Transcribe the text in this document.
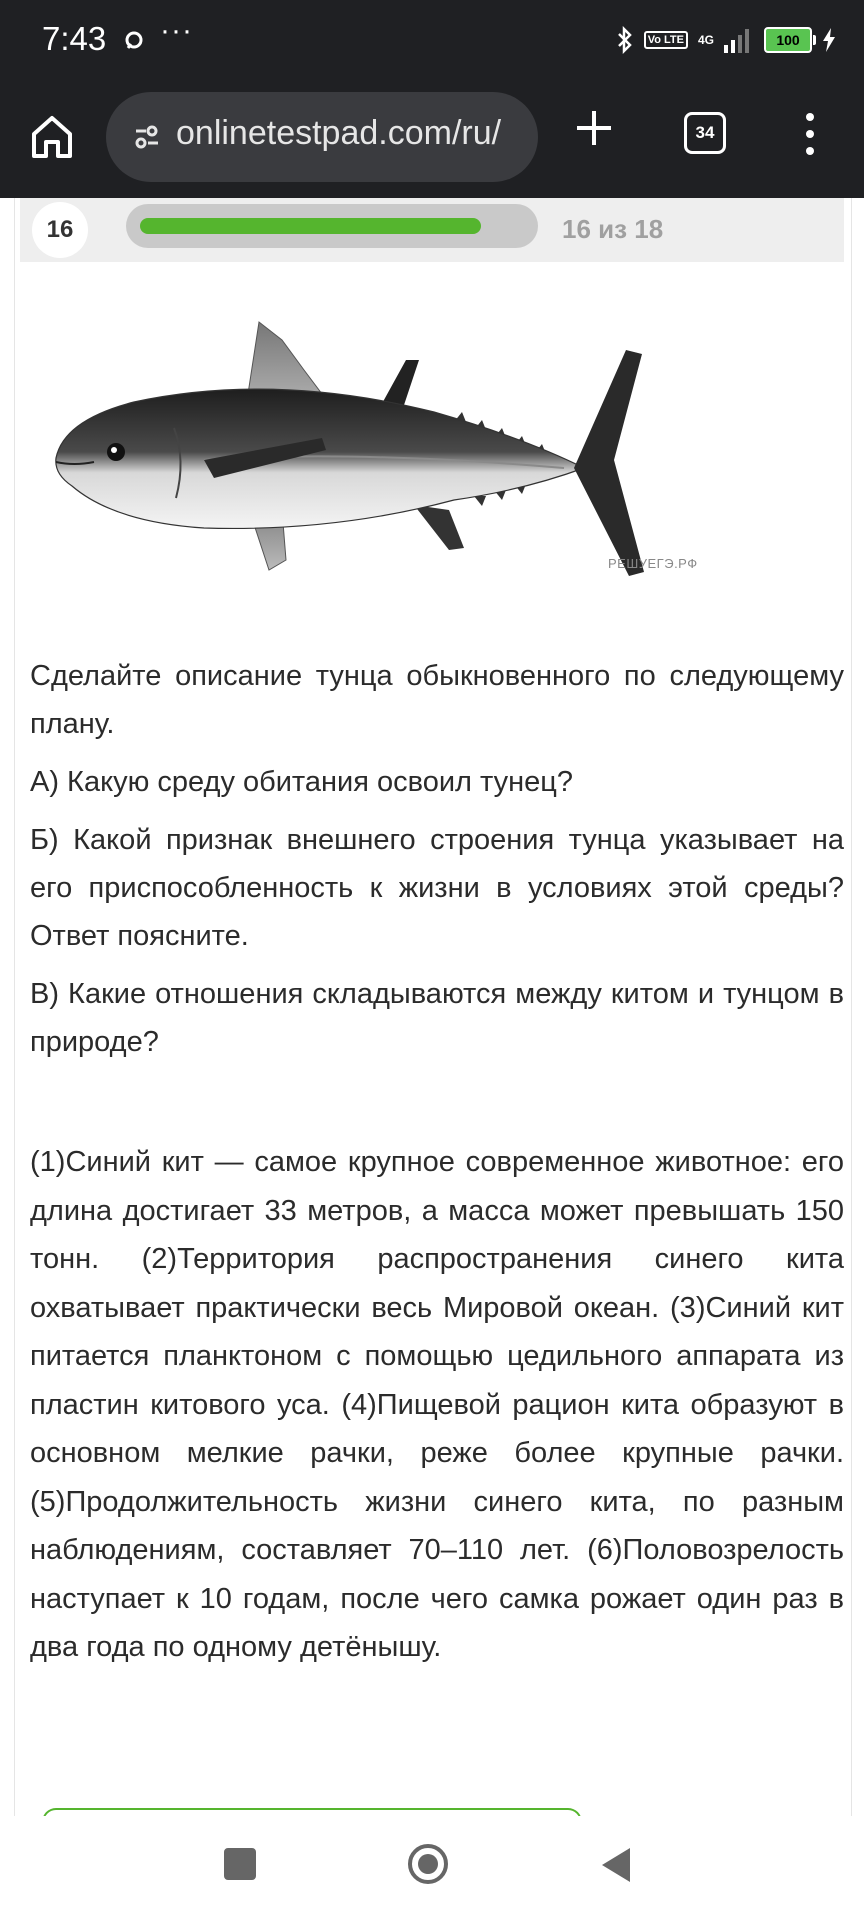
7:43 ···	Vo LTE	4G	100
onlinetestpad.com/ru/	34
16	16 из 18
РЕШУЕГЭ.РФ

Сделайте описание тунца обыкновенного по следующему плану.

А) Какую среду обитания освоил тунец?

Б) Какой признак внешнего строения тунца указывает на его приспособленность к жизни в условиях этой среды? Ответ поясните.

В) Какие отношения складываются между китом и тунцом в природе?

(1)Синий кит — самое крупное современное животное: его длина достигает 33 метров, а масса может превышать 150 тонн. (2)Территория распространения синего кита охватывает практически весь Мировой океан. (3)Синий кит питается планктоном с помощью цедильного аппарата из пластин китового уса. (4)Пищевой рацион кита образуют в основном мелкие рачки, реже более крупные рачки. (5)Продолжительность жизни синего кита, по разным наблюдениям, составляет 70–110 лет. (6)Половозрелость наступает к 10 годам, после чего самка рожает один раз в два года по одному детёнышу.
